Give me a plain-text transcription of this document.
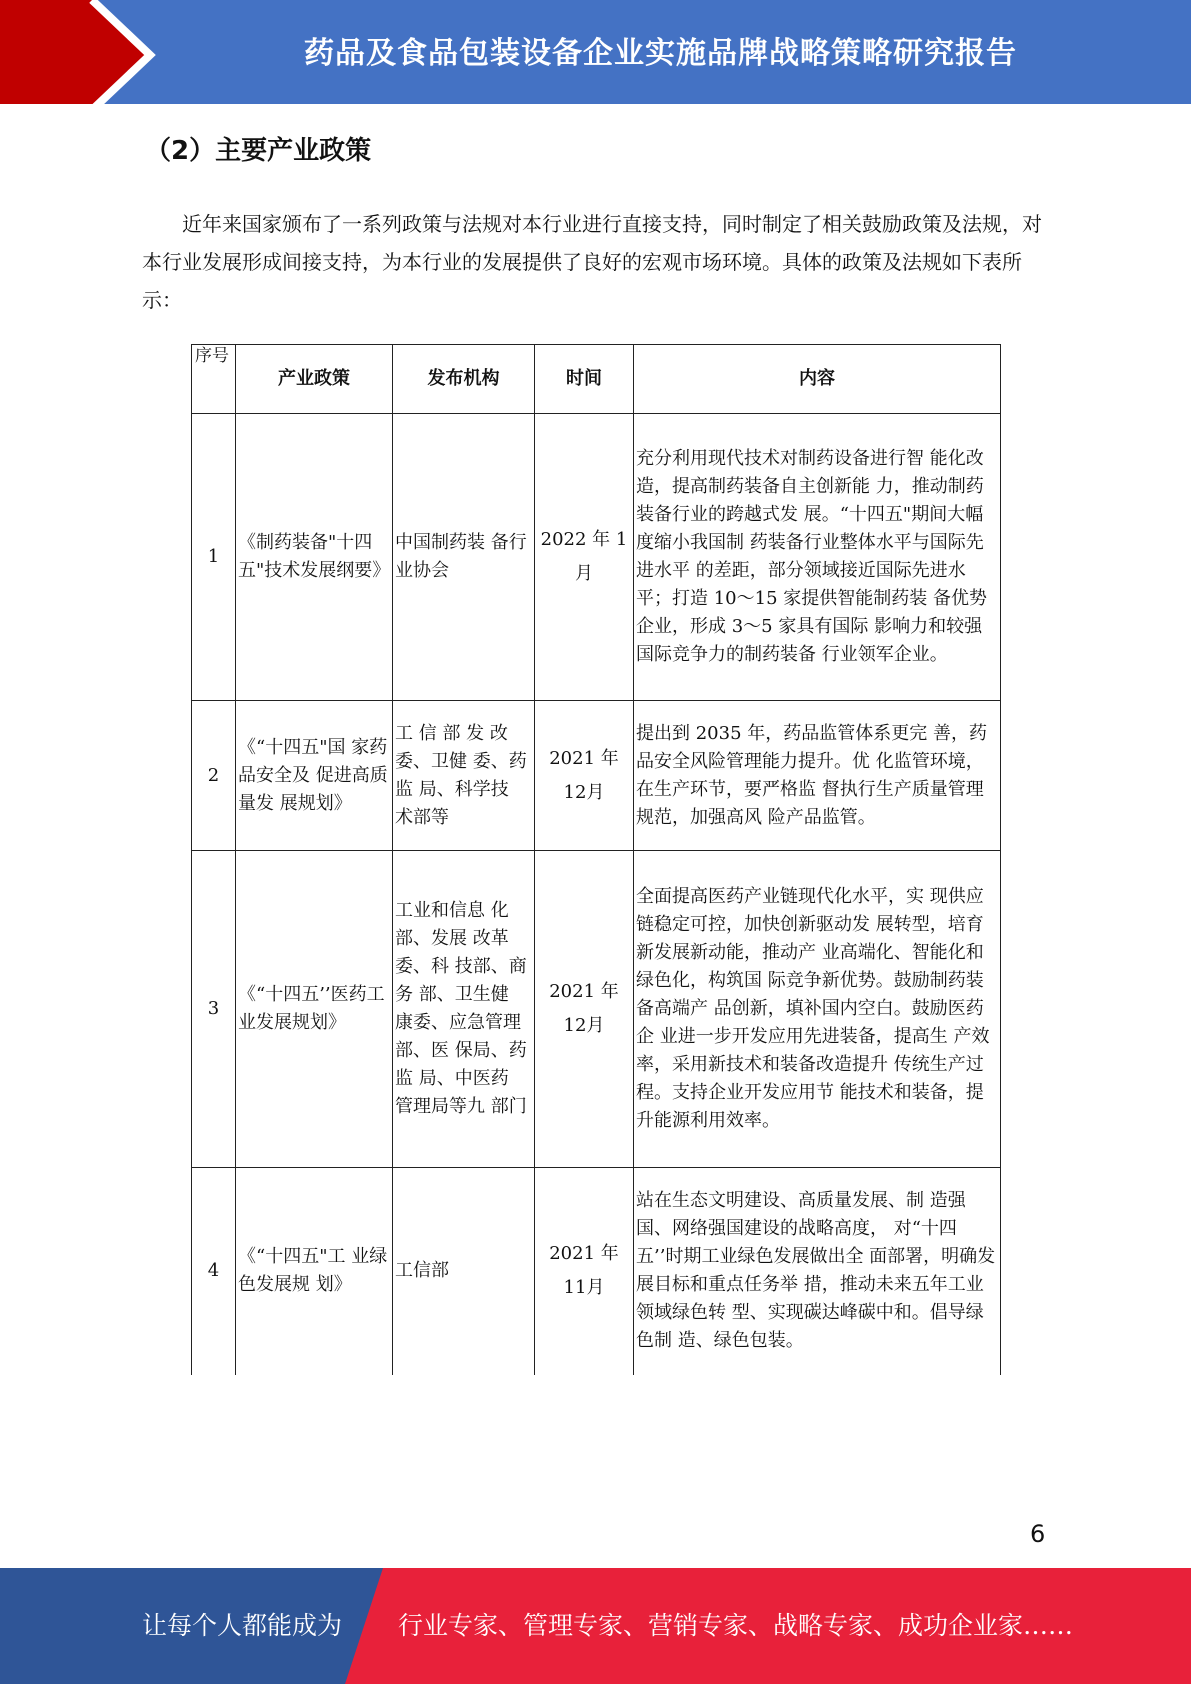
药品及食品包装设备企业实施品牌战略策略研究报告
（2）主要产业政策

近年来国家颁布了一系列政策与法规对本行业进行直接支持，同时制定了相关鼓励政策及法规，对本行业发展形成间接支持，为本行业的发展提供了良好的宏观市场环境。具体的政策及法规如下表所示：

序号	产业政策	发布机构	时间	内容
1	《制药装备"十四五"技术发展纲要》	中国制药装 备行业协会	2022 年 1月	充分利用现代技术对制药设备进行智 能化改造，提高制药装备自主创新能 力，推动制药装备行业的跨越式发 展。“十四五"期间大幅度缩小我国制 药装备行业整体水平与国际先进水平 的差距，部分领域接近国际先进水 平；打造 10～15 家提供智能制药装 备优势企业，形成 3～5 家具有国际 影响力和较强国际竞争力的制药装备 行业领军企业。
2	《“十四五"国 家药品安全及 促进高质量发 展规划》	工 信 部 发 改 委、卫健 委、药监 局、科学技 术部等	2021 年 12月	提出到 2035 年，药品监管体系更完 善，药品安全风险管理能力提升。优 化监管环境，在生产环节，要严格监 督执行生产质量管理规范，加强高风 险产品监管。
3	《“十四五’’医药工业发展规划》	工业和信息 化部、发展 改革委、科 技部、商务 部、卫生健 康委、应急管理部、医 保局、药监 局、中医药 管理局等九 部门	2021 年 12月	全面提高医药产业链现代化水平，实 现供应链稳定可控，加快创新驱动发 展转型，培育新发展新动能，推动产 业高端化、智能化和绿色化，构筑国 际竞争新优势。鼓励制药装备高端产 品创新，填补国内空白。鼓励医药企 业进一步开发应用先进装备，提高生 产效率，采用新技术和装备改造提升 传统生产过程。支持企业开发应用节 能技术和装备，提升能源利用效率。
4	《“十四五"工 业绿色发展规 划》	工信部	2021 年 11月	站在生态文明建设、高质量发展、制 造强国、网络强国建设的战略高度， 对“十四五’’时期工业绿色发展做出全 面部署，明确发展目标和重点任务举 措，推动未来五年工业领域绿色转 型、实现碳达峰碳中和。倡导绿色制 造、绿色包装。
6
让每个人都能成为 行业专家、管理专家、营销专家、战略专家、成功企业家……
